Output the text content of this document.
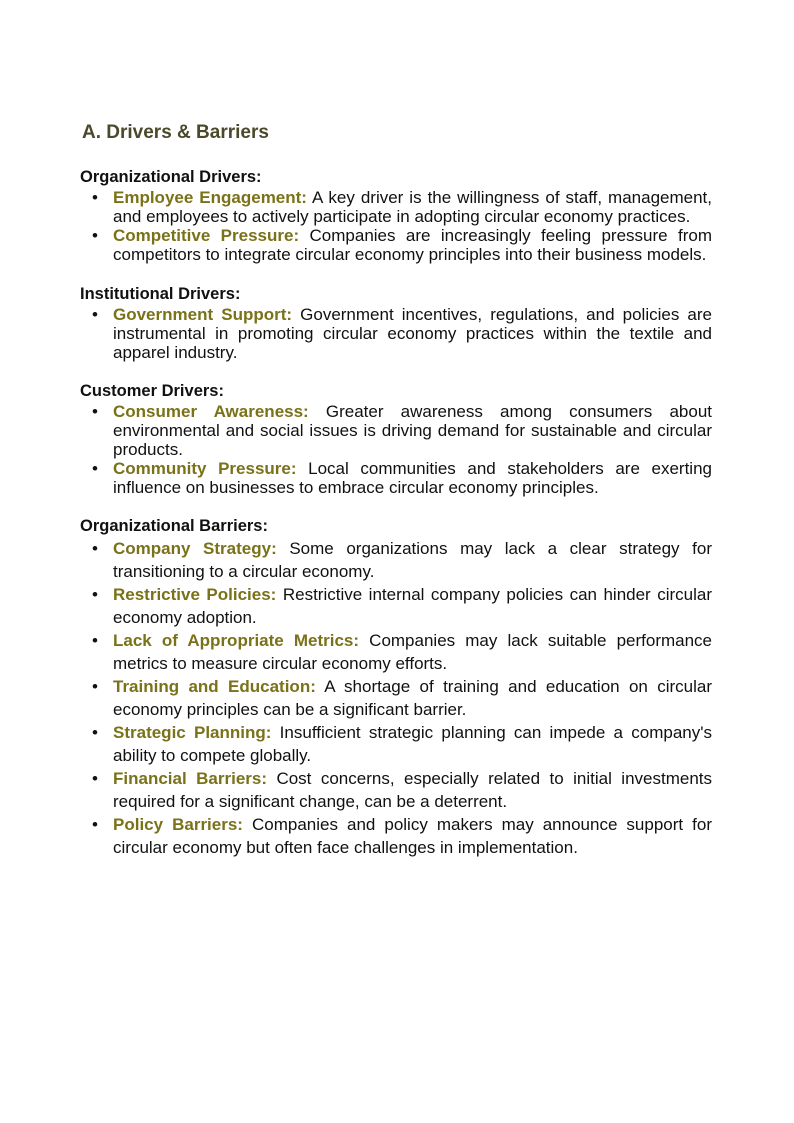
A. Drivers & Barriers
Organizational Drivers:
• Employee Engagement: A key driver is the willingness of staff, management, and employees to actively participate in adopting circular economy practices.
• Competitive Pressure: Companies are increasingly feeling pressure from competitors to integrate circular economy principles into their business models.
Institutional Drivers:
• Government Support: Government incentives, regulations, and policies are instrumental in promoting circular economy practices within the textile and apparel industry.
Customer Drivers:
• Consumer Awareness: Greater awareness among consumers about environmental and social issues is driving demand for sustainable and circular products.
• Community Pressure: Local communities and stakeholders are exerting influence on businesses to embrace circular economy principles.
Organizational Barriers:
• Company Strategy: Some organizations may lack a clear strategy for transitioning to a circular economy.
• Restrictive Policies: Restrictive internal company policies can hinder circular economy adoption.
• Lack of Appropriate Metrics: Companies may lack suitable performance metrics to measure circular economy efforts.
• Training and Education: A shortage of training and education on circular economy principles can be a significant barrier.
• Strategic Planning: Insufficient strategic planning can impede a company's ability to compete globally.
• Financial Barriers: Cost concerns, especially related to initial investments required for a significant change, can be a deterrent.
• Policy Barriers: Companies and policy makers may announce support for circular economy but often face challenges in implementation.
